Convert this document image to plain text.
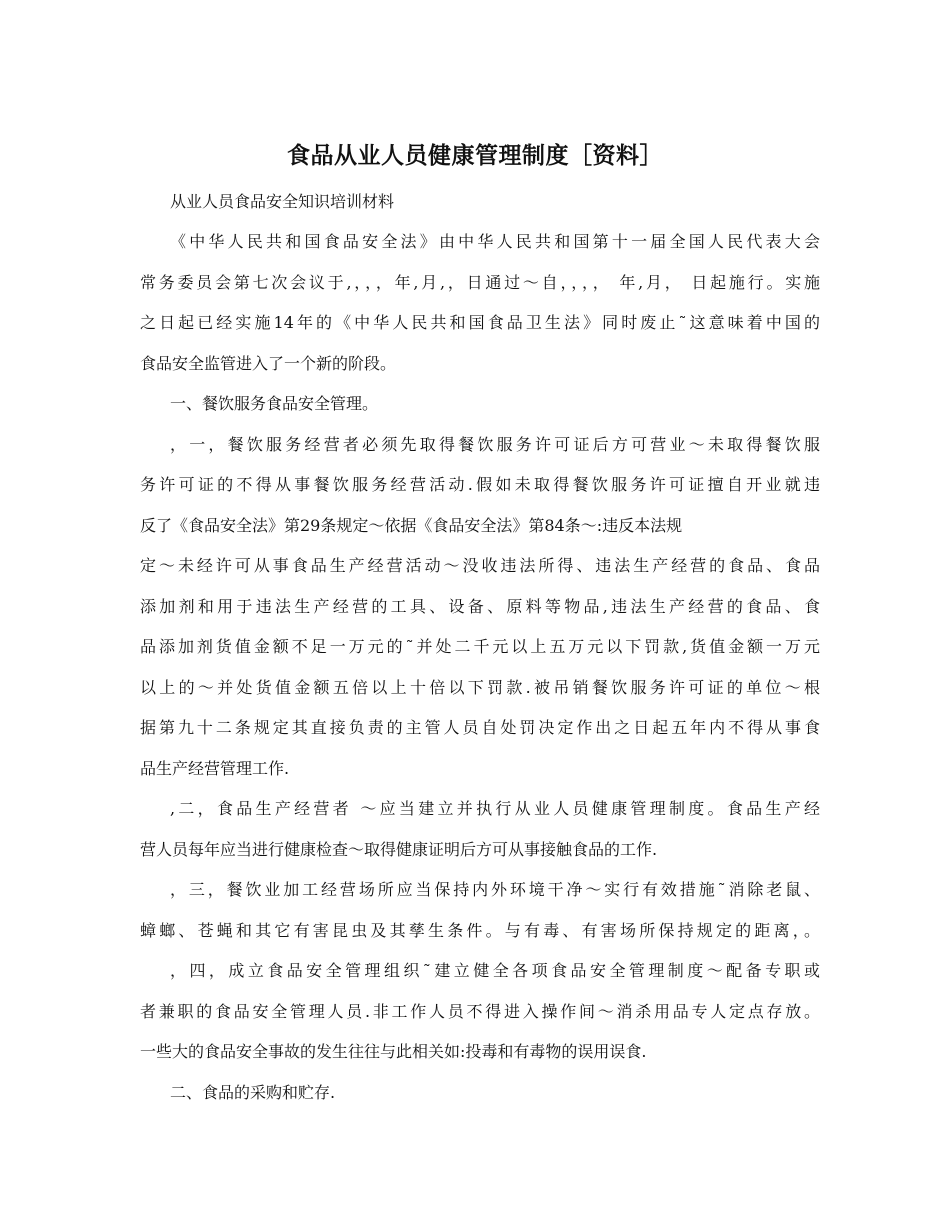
食品从业人员健康管理制度［资料］
从业人员食品安全知识培训材料
《中华人民共和国食品安全法》由中华人民共和国第十一届全国人民代表大会
常务委员会第七次会议于,，，，年,月,，日通过～自，，，， 年,月， 日起施行。实施
之日起已经实施14年的《中华人民共和国食品卫生法》同时废止˜这意味着中国的
食品安全监管进入了一个新的阶段。
一、餐饮服务食品安全管理。
，一，餐饮服务经营者必须先取得餐饮服务许可证后方可营业～未取得餐饮服
务许可证的不得从事餐饮服务经营活动.假如未取得餐饮服务许可证擅自开业就违
反了《食品安全法》第29条规定～依据《食品安全法》第84条～:违反本法规
定～未经许可从事食品生产经营活动～没收违法所得、违法生产经营的食品、食品
添加剂和用于违法生产经营的工具、设备、原料等物品,违法生产经营的食品、食
品添加剂货值金额不足一万元的˜并处二千元以上五万元以下罚款,货值金额一万元
以上的～并处货值金额五倍以上十倍以下罚款.被吊销餐饮服务许可证的单位～根
据第九十二条规定其直接负责的主管人员自处罚决定作出之日起五年内不得从事食
品生产经营管理工作.
,二，食品生产经营者 ～应当建立并执行从业人员健康管理制度。食品生产经
营人员每年应当进行健康检查～取得健康证明后方可从事接触食品的工作.
，三，餐饮业加工经营场所应当保持内外环境干净～实行有效措施˜消除老鼠、
蟑螂、苍蝇和其它有害昆虫及其孳生条件。与有毒、有害场所保持规定的距离，。
，四，成立食品安全管理组织˜建立健全各项食品安全管理制度～配备专职或
者兼职的食品安全管理人员.非工作人员不得进入操作间～消杀用品专人定点存放。
一些大的食品安全事故的发生往往与此相关如:投毒和有毒物的误用误食.
二、食品的采购和贮存.
